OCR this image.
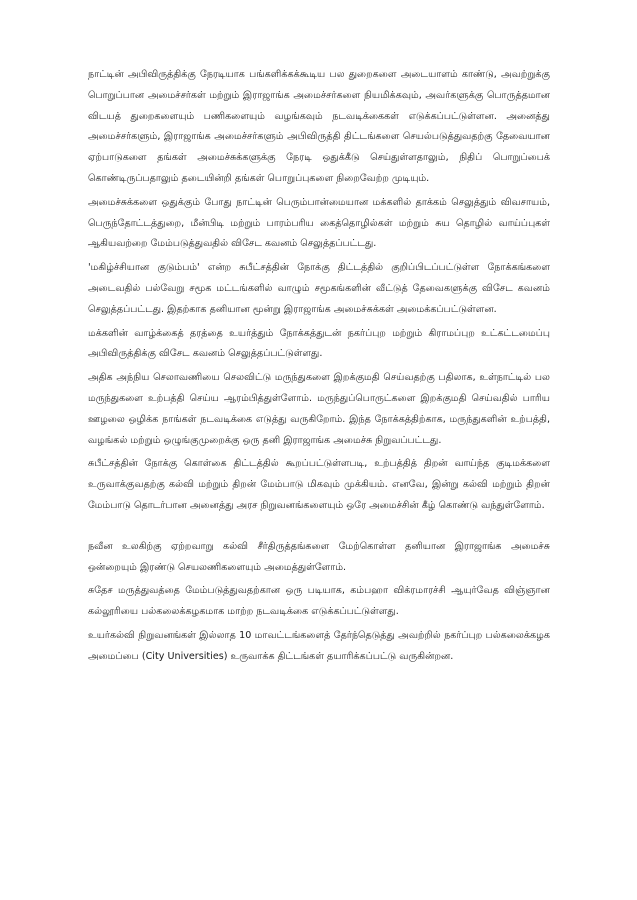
நாட்டின் அபிவிருத்திக்கு நேரடியாக பங்களிக்கக்கூடிய பல துறைகளை அடையாளம் காண்டு, அவற்றுக்கு பொறுப்பான அமைச்சர்கள் மற்றும் இராஜாங்க அமைச்சர்களை நியமிக்கவும், அவர்களுக்கு பொருத்தமான விடயத் துறைகளையும் பணிகளையும் வழங்கவும் நடவடிக்கைகள் எடுக்கப்பட்டுள்ளன. அனைத்து அமைச்சர்களும், இராஜாங்க அமைச்சர்களும் அபிவிருத்தி திட்டங்களை செயல்படுத்துவதற்கு தேவையான ஏற்பாடுகளை தங்கள் அமைச்சுக்களுக்கு நேரடி ஒதுக்கீடு செய்துள்ளதாலும், நிதிப் பொறுப்பைக் கொண்டிருப்பதாலும் தடையின்றி தங்கள் பொறுப்புகளை நிறைவேற்ற முடியும்.

அமைச்சுக்களை ஒதுக்கும் போது நாட்டின் பெரும்பான்மையான மக்களில் தாக்கம் செலுத்தும் விவசாயம், பெருந்தோட்டத்துறை, மீன்பிடி மற்றும் பாரம்பரிய கைத்தொழில்கள் மற்றும் சுய தொழில் வாய்ப்புகள் ஆகியவற்றை மேம்படுத்துவதில் விசேட கவனம் செலுத்தப்பட்டது.

'மகிழ்ச்சியான குடும்பம்' என்ற சுபீட்சத்தின் நோக்கு திட்டத்தில் குறிப்பிடப்பட்டுள்ள நோக்கங்களை அடைவதில் பல்வேறு சமூக மட்டங்களில் வாழும் சமூகங்களின் வீட்டுத் தேவைகளுக்கு விசேட கவனம் செலுத்தப்பட்டது. இதற்காக தனியான மூன்று இராஜாங்க அமைச்சுக்கள் அமைக்கப்பட்டுள்ளன.

மக்களின் வாழ்க்கைத் தரத்தை உயர்த்தும் நோக்கத்துடன் நகர்ப்புற மற்றும் கிராமப்புற உட்கட்டமைப்பு அபிவிருத்திக்கு விசேட கவனம் செலுத்தப்பட்டுள்ளது.

அதிக அந்நிய செலாவணியை செலவிட்டு மருந்துகளை இறக்குமதி செய்வதற்கு பதிலாக, உள்நாட்டில் பல மருந்துகளை உற்பத்தி செய்ய ஆரம்பித்துள்ளோம். மருந்துப்பொருட்களை இறக்குமதி செய்வதில் பாரிய ஊழலை ஒழிக்க நாங்கள் நடவடிக்கை எடுத்து வருகிறோம். இந்த நோக்கத்திற்காக, மருந்துகளின் உற்பத்தி, வழங்கல் மற்றும் ஒழுங்குமுறைக்கு ஒரு தனி இராஜாங்க அமைச்சு நிறுவப்பட்டது.

சுபீட்சத்தின் நோக்கு கொள்கை திட்டத்தில் கூறப்பட்டுள்ளபடி, உற்பத்தித் திறன் வாய்ந்த குடிமக்களை உருவாக்குவதற்கு கல்வி மற்றும் திறன் மேம்பாடு மிகவும் முக்கியம். எனவே, இன்று கல்வி மற்றும் திறன் மேம்பாடு தொடர்பான அனைத்து அரச நிறுவனங்களையும் ஒரே அமைச்சின் கீழ் கொண்டு வந்துள்ளோம்.

நவீன உலகிற்கு ஏற்றவாறு கல்வி சீர்திருத்தங்களை மேற்கொள்ள தனியான இராஜாங்க அமைச்சு ஒன்றையும் இரண்டு செயலணிகளையும் அமைத்துள்ளோம்.

சுதேச மருத்துவத்தை மேம்படுத்துவதற்கான ஒரு படியாக, கம்பஹா விக்ரமாரச்சி ஆயுர்வேத விஞ்ஞான கல்லூரியை பல்கலைக்கழகமாக மாற்ற நடவடிக்கை எடுக்கப்பட்டுள்ளது.

உயர்கல்வி நிறுவனங்கள் இல்லாத 10 மாவட்டங்களைத் தேர்ந்தெடுத்து அவற்றில் நகர்ப்புற பல்கலைக்கழக அமைப்பை (City Universities) உருவாக்க திட்டங்கள் தயாரிக்கப்பட்டு வருகின்றன.
